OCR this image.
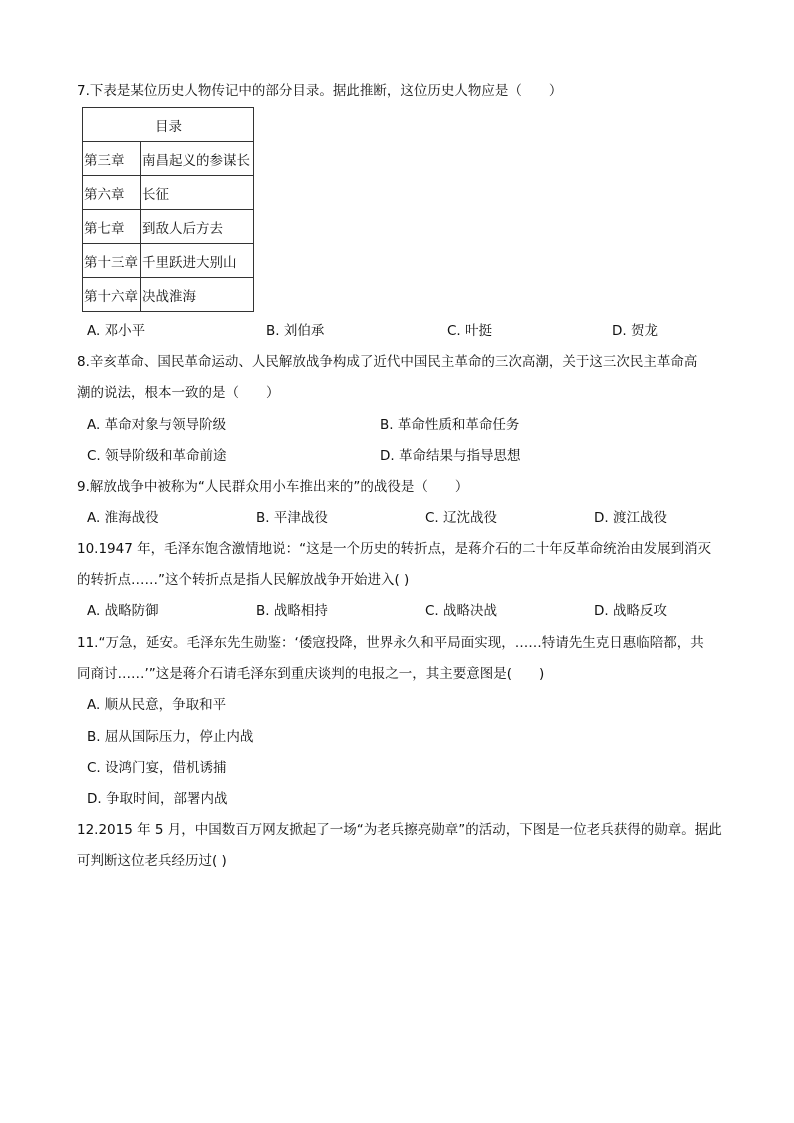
7.下表是某位历史人物传记中的部分目录。据此推断，这位历史人物应是（　　）
目录	
第三章	南昌起义的参谋长
第六章	长征
第七章	到敌人后方去
第十三章	千里跃进大别山
第十六章	决战淮海
A. 邓小平	B. 刘伯承	C. 叶挺	D. 贺龙
8.辛亥革命、国民革命运动、人民解放战争构成了近代中国民主革命的三次高潮，关于这三次民主革命高
潮的说法，根本一致的是（　　）
A. 革命对象与领导阶级	B. 革命性质和革命任务
C. 领导阶级和革命前途	D. 革命结果与指导思想
9.解放战争中被称为“人民群众用小车推出来的”的战役是（　　）
A. 淮海战役	B. 平津战役	C. 辽沈战役	D. 渡江战役
10.1947 年，毛泽东饱含激情地说：“这是一个历史的转折点，是蒋介石的二十年反革命统治由发展到消灭
的转折点……”这个转折点是指人民解放战争开始进入( )
A. 战略防御	B. 战略相持	C. 战略决战	D. 战略反攻
11.“万急，延安。毛泽东先生勋鉴：‘倭寇投降，世界永久和平局面实现，……特请先生克日惠临陪都，共
同商讨……’”这是蒋介石请毛泽东到重庆谈判的电报之一，其主要意图是(　　)
A. 顺从民意，争取和平
B. 屈从国际压力，停止内战
C. 设鸿门宴，借机诱捕
D. 争取时间，部署内战
12.2015 年 5 月，中国数百万网友掀起了一场“为老兵擦亮勋章”的活动，下图是一位老兵获得的勋章。据此
可判断这位老兵经历过( )
